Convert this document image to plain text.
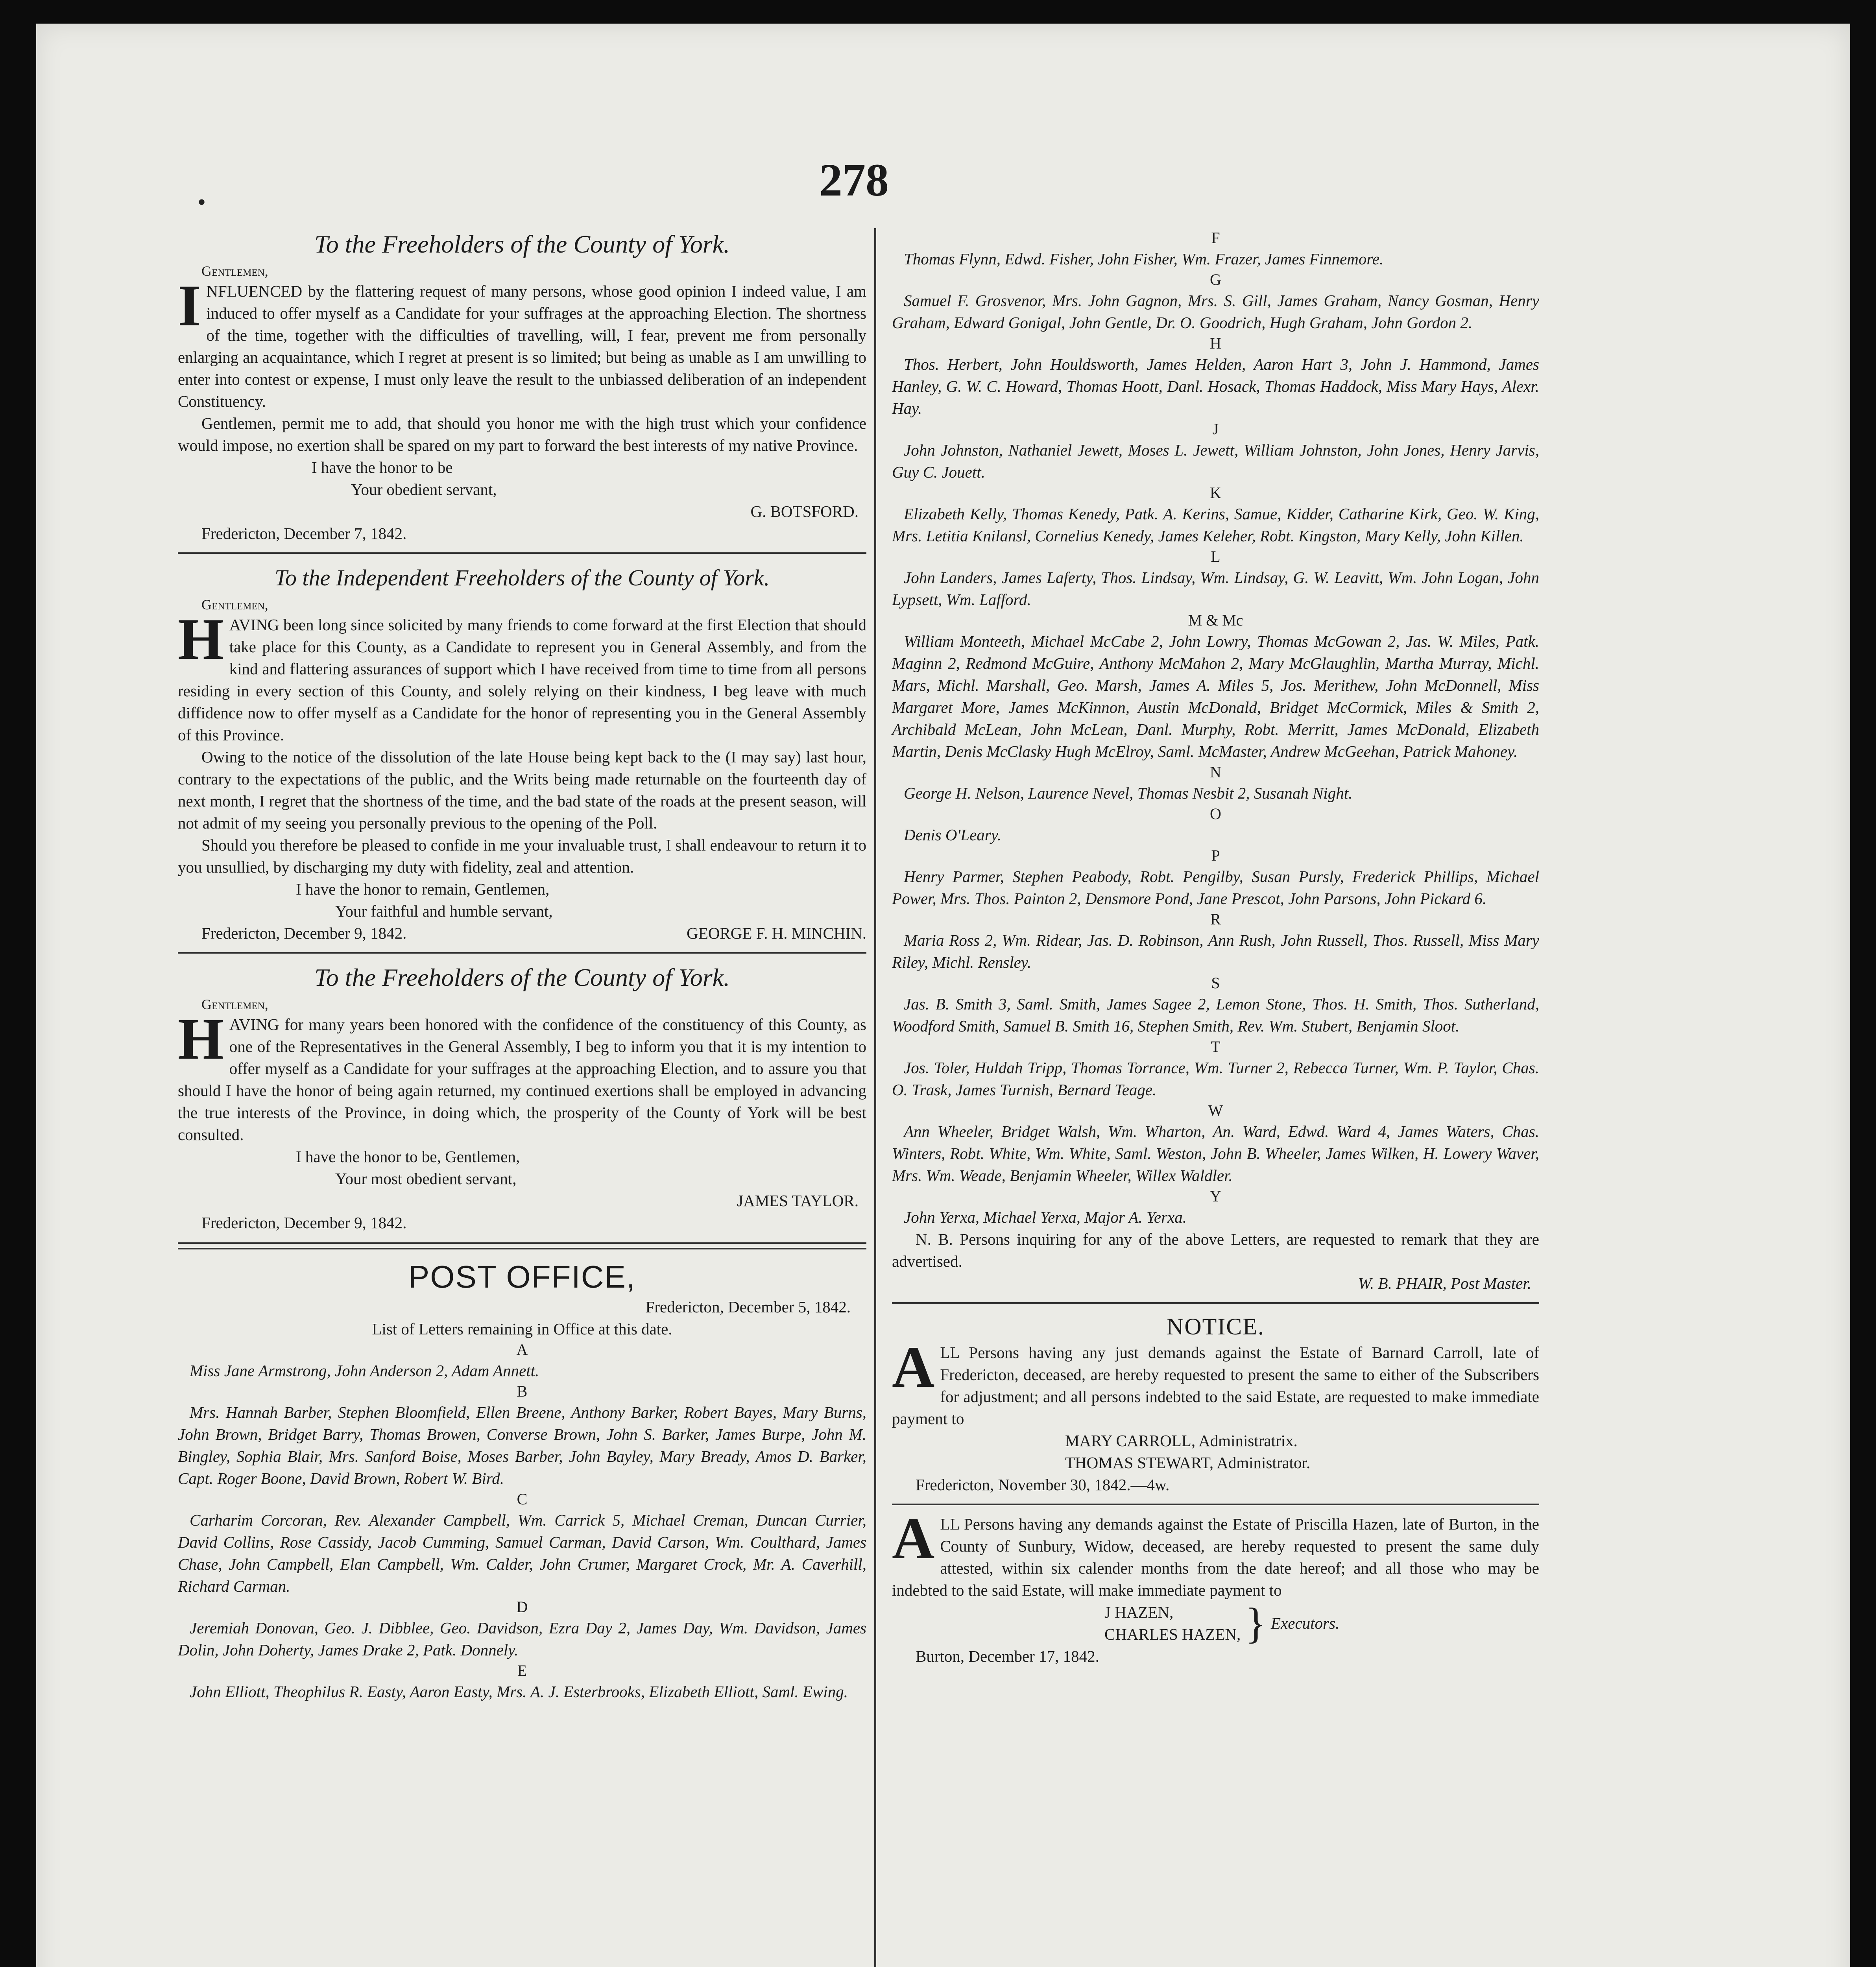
•	278
To the Freeholders of the County of York.
Gentlemen,

INFLUENCED by the flattering request of many persons, whose good opinion I indeed value, I am induced to offer myself as a Candidate for your suffrages at the approaching Election. The shortness of the time, together with the difficulties of travelling, will, I fear, prevent me from personally enlarging an acquaintance, which I regret at present is so limited; but being as unable as I am unwilling to enter into contest or expense, I must only leave the result to the unbiassed deliberation of an independent Constituency.

Gentlemen, permit me to add, that should you honor me with the high trust which your confidence would impose, no exertion shall be spared on my part to forward the best interests of my native Province.

I have the honor to be
Your obedient servant,
G. BOTSFORD.
Fredericton, December 7, 1842.
To the Independent Freeholders of the County of York.
Gentlemen,

HAVING been long since solicited by many friends to come forward at the first Election that should take place for this County, as a Candidate to represent you in General Assembly, and from the kind and flattering assurances of support which I have received from time to time from all persons residing in every section of this County, and solely relying on their kindness, I beg leave with much diffidence now to offer myself as a Candidate for the honor of representing you in the General Assembly of this Province.

Owing to the notice of the dissolution of the late House being kept back to the (I may say) last hour, contrary to the expectations of the public, and the Writs being made returnable on the fourteenth day of next month, I regret that the shortness of the time, and the bad state of the roads at the present season, will not admit of my seeing you personally previous to the opening of the Poll.

Should you therefore be pleased to confide in me your invaluable trust, I shall endeavour to return it to you unsullied, by discharging my duty with fidelity, zeal and attention.

I have the honor to remain, Gentlemen,
Your faithful and humble servant,
Fredericton, December 9, 1842.	GEORGE F. H. MINCHIN.
To the Freeholders of the County of York.
Gentlemen,

HAVING for many years been honored with the confidence of the constituency of this County, as one of the Representatives in the General Assembly, I beg to inform you that it is my intention to offer myself as a Candidate for your suffrages at the approaching Election, and to assure you that should I have the honor of being again returned, my continued exertions shall be employed in advancing the true interests of the Province, in doing which, the prosperity of the County of York will be best consulted.

I have the honor to be, Gentlemen,
Your most obedient servant,
JAMES TAYLOR.
Fredericton, December 9, 1842.
POST OFFICE,
Fredericton, December 5, 1842.
List of Letters remaining in Office at this date.
A

Miss Jane Armstrong, John Anderson 2, Adam Annett.

B

Mrs. Hannah Barber, Stephen Bloomfield, Ellen Breene, Anthony Barker, Robert Bayes, Mary Burns, John Brown, Bridget Barry, Thomas Browen, Converse Brown, John S. Barker, James Burpe, John M. Bingley, Sophia Blair, Mrs. Sanford Boise, Moses Barber, John Bayley, Mary Bready, Amos D. Barker, Capt. Roger Boone, David Brown, Robert W. Bird.

C

Carharim Corcoran, Rev. Alexander Campbell, Wm. Carrick 5, Michael Creman, Duncan Currier, David Collins, Rose Cassidy, Jacob Cumming, Samuel Carman, David Carson, Wm. Coulthard, James Chase, John Campbell, Elan Campbell, Wm. Calder, John Crumer, Margaret Crock, Mr. A. Caverhill, Richard Carman.

D

Jeremiah Donovan, Geo. J. Dibblee, Geo. Davidson, Ezra Day 2, James Day, Wm. Davidson, James Dolin, John Doherty, James Drake 2, Patk. Donnely.

E

John Elliott, Theophilus R. Easty, Aaron Easty, Mrs. A. J. Esterbrooks, Elizabeth Elliott, Saml. Ewing.

F

Thomas Flynn, Edwd. Fisher, John Fisher, Wm. Frazer, James Finnemore.

G

Samuel F. Grosvenor, Mrs. John Gagnon, Mrs. S. Gill, James Graham, Nancy Gosman, Henry Graham, Edward Gonigal, John Gentle, Dr. O. Goodrich, Hugh Graham, John Gordon 2.

H

Thos. Herbert, John Houldsworth, James Helden, Aaron Hart 3, John J. Hammond, James Hanley, G. W. C. Howard, Thomas Hoott, Danl. Hosack, Thomas Haddock, Miss Mary Hays, Alexr. Hay.

J

John Johnston, Nathaniel Jewett, Moses L. Jewett, William Johnston, John Jones, Henry Jarvis, Guy C. Jouett.

K

Elizabeth Kelly, Thomas Kenedy, Patk. A. Kerins, Samue, Kidder, Catharine Kirk, Geo. W. King, Mrs. Letitia Knilansl, Cornelius Kenedy, James Keleher, Robt. Kingston, Mary Kelly, John Killen.

L

John Landers, James Laferty, Thos. Lindsay, Wm. Lindsay, G. W. Leavitt, Wm. John Logan, John Lypsett, Wm. Lafford.

M & Mc

William Monteeth, Michael McCabe 2, John Lowry, Thomas McGowan 2, Jas. W. Miles, Patk. Maginn 2, Redmond McGuire, Anthony McMahon 2, Mary McGlaughlin, Martha Murray, Michl. Mars, Michl. Marshall, Geo. Marsh, James A. Miles 5, Jos. Merithew, John McDonnell, Miss Margaret More, James McKinnon, Austin McDonald, Bridget McCormick, Miles & Smith 2, Archibald McLean, John McLean, Danl. Murphy, Robt. Merritt, James McDonald, Elizabeth Martin, Denis McClasky Hugh McElroy, Saml. McMaster, Andrew McGeehan, Patrick Mahoney.

N

George H. Nelson, Laurence Nevel, Thomas Nesbit 2, Susanah Night.

O

Denis O'Leary.

P

Henry Parmer, Stephen Peabody, Robt. Pengilby, Susan Pursly, Frederick Phillips, Michael Power, Mrs. Thos. Painton 2, Densmore Pond, Jane Prescot, John Parsons, John Pickard 6.

R

Maria Ross 2, Wm. Ridear, Jas. D. Robinson, Ann Rush, John Russell, Thos. Russell, Miss Mary Riley, Michl. Rensley.

S

Jas. B. Smith 3, Saml. Smith, James Sagee 2, Lemon Stone, Thos. H. Smith, Thos. Sutherland, Woodford Smith, Samuel B. Smith 16, Stephen Smith, Rev. Wm. Stubert, Benjamin Sloot.

T

Jos. Toler, Huldah Tripp, Thomas Torrance, Wm. Turner 2, Rebecca Turner, Wm. P. Taylor, Chas. O. Trask, James Turnish, Bernard Teage.

W

Ann Wheeler, Bridget Walsh, Wm. Wharton, An. Ward, Edwd. Ward 4, James Waters, Chas. Winters, Robt. White, Wm. White, Saml. Weston, John B. Wheeler, James Wilken, H. Lowery Waver, Mrs. Wm. Weade, Benjamin Wheeler, Willex Waldler.

Y

John Yerxa, Michael Yerxa, Major A. Yerxa.

N. B. Persons inquiring for any of the above Letters, are requested to remark that they are advertised.

W. B. PHAIR, Post Master.
NOTICE.

ALL Persons having any just demands against the Estate of Barnard Carroll, late of Fredericton, deceased, are hereby requested to present the same to either of the Subscribers for adjustment; and all persons indebted to the said Estate, are requested to make immediate payment to

MARY CARROLL, Administratrix.
THOMAS STEWART, Administrator.
Fredericton, November 30, 1842.—4w.

ALL Persons having any demands against the Estate of Priscilla Hazen, late of Burton, in the County of Sunbury, Widow, deceased, are hereby requested to present the same duly attested, within six calender months from the date hereof; and all those who may be indebted to the said Estate, will make immediate payment to

J HAZEN,
CHARLES HAZEN, } Executors.
Burton, December 17, 1842.
